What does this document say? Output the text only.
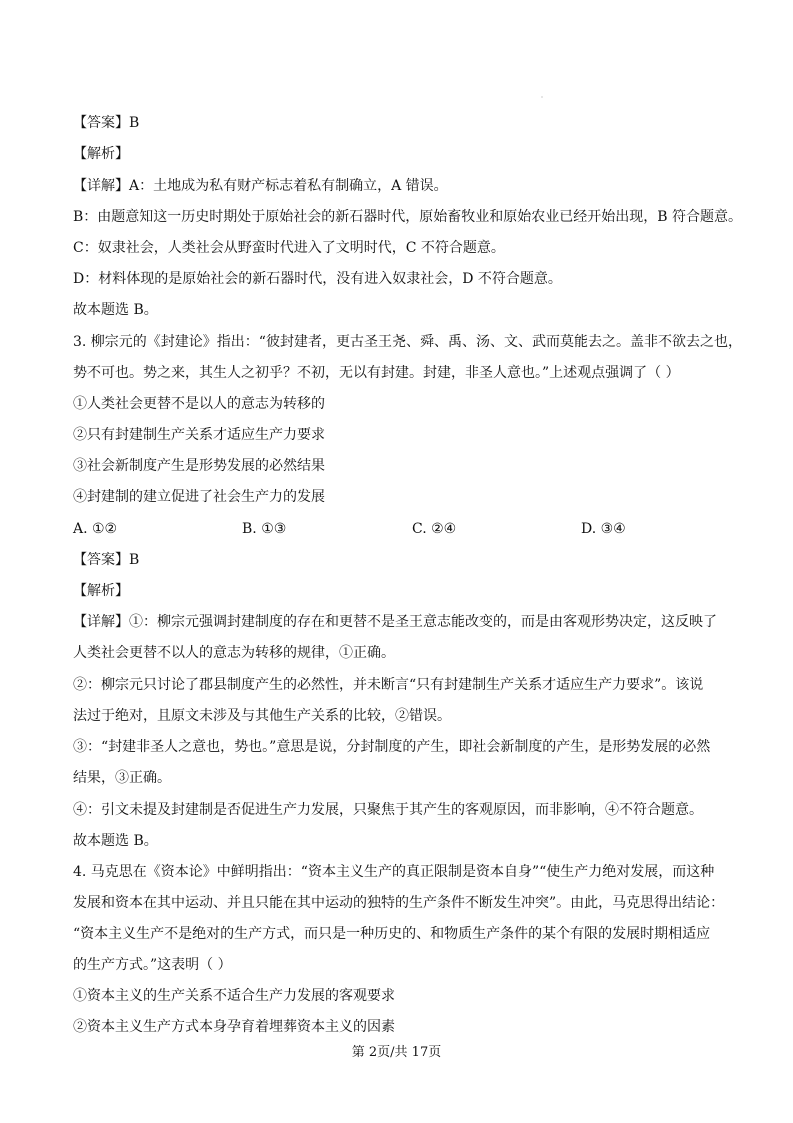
【答案】B
【解析】
【详解】A：土地成为私有财产标志着私有制确立，A 错误。
B：由题意知这一历史时期处于原始社会的新石器时代，原始畜牧业和原始农业已经开始出现，B 符合题意。
C：奴隶社会，人类社会从野蛮时代进入了文明时代，C 不符合题意。
D：材料体现的是原始社会的新石器时代，没有进入奴隶社会，D 不符合题意。
故本题选 B。
3. 柳宗元的《封建论》指出：“彼封建者，更古圣王尧、舜、禹、汤、文、武而莫能去之。盖非不欲去之也，
势不可也。势之来，其生人之初乎？不初，无以有封建。封建，非圣人意也。”上述观点强调了（ ）
①人类社会更替不是以人的意志为转移的
②只有封建制生产关系才适应生产力要求
③社会新制度产生是形势发展的必然结果
④封建制的建立促进了社会生产力的发展
A. ①②	B. ①③	C. ②④	D. ③④
【答案】B
【解析】
【详解】①：柳宗元强调封建制度的存在和更替不是圣王意志能改变的，而是由客观形势决定，这反映了
人类社会更替不以人的意志为转移的规律，①正确。
②：柳宗元只讨论了郡县制度产生的必然性，并未断言“只有封建制生产关系才适应生产力要求”。该说
法过于绝对，且原文未涉及与其他生产关系的比较，②错误。
③：“封建非圣人之意也，势也。”意思是说，分封制度的产生，即社会新制度的产生，是形势发展的必然
结果，③正确。
④：引文未提及封建制是否促进生产力发展，只聚焦于其产生的客观原因，而非影响，④不符合题意。
故本题选 B。
4. 马克思在《资本论》中鲜明指出：“资本主义生产的真正限制是资本自身”“使生产力绝对发展，而这种
发展和资本在其中运动、并且只能在其中运动的独特的生产条件不断发生冲突”。由此，马克思得出结论：
“资本主义生产不是绝对的生产方式，而只是一种历史的、和物质生产条件的某个有限的发展时期相适应
的生产方式。”这表明（ ）
①资本主义的生产关系不适合生产力发展的客观要求
②资本主义生产方式本身孕育着埋葬资本主义的因素
第 2页/共 17页
